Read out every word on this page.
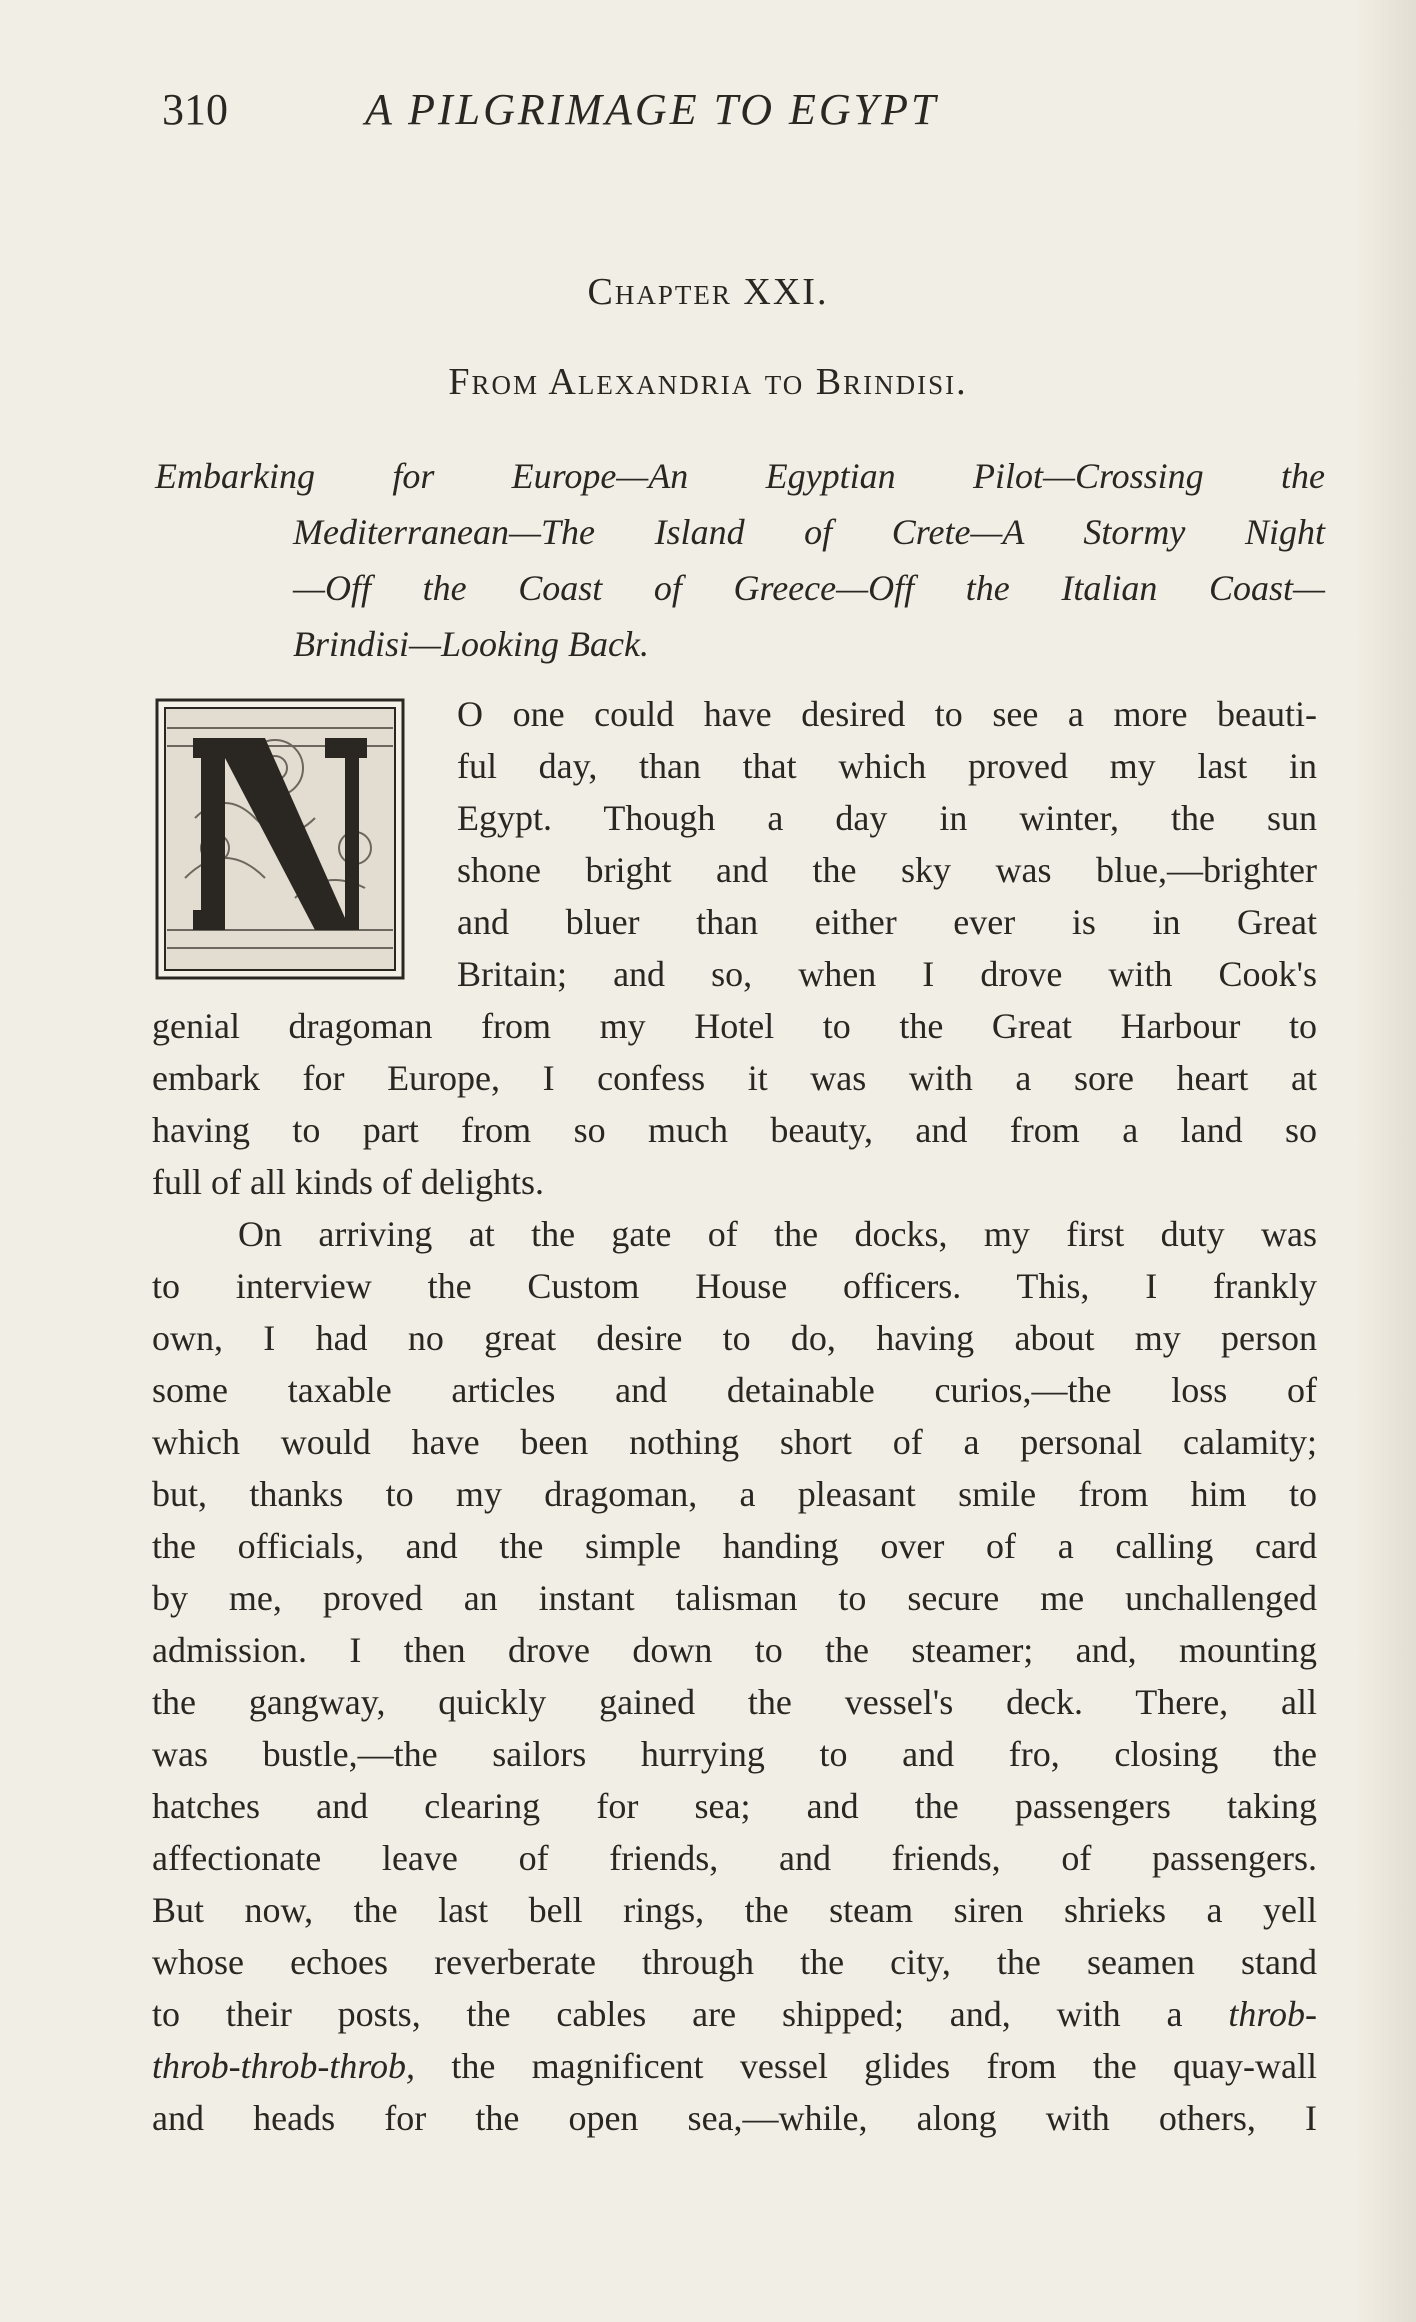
310	A PILGRIMAGE TO EGYPT
Chapter XXI.
From Alexandria to Brindisi.
Embarking for Europe—An Egyptian Pilot—Crossing the
Mediterranean—The Island of Crete—A Stormy Night
—Off the Coast of Greece—Off the Italian Coast—
Brindisi—Looking Back.
N
O one could have desired to see a more beauti-
ful day, than that which proved my last in
Egypt. Though a day in winter, the sun
shone bright and the sky was blue,—brighter
and bluer than either ever is in Great
Britain; and so, when I drove with Cook's
genial dragoman from my Hotel to the Great Harbour to
embark for Europe, I confess it was with a sore heart at
having to part from so much beauty, and from a land so
full of all kinds of delights.
On arriving at the gate of the docks, my first duty was
to interview the Custom House officers. This, I frankly
own, I had no great desire to do, having about my person
some taxable articles and detainable curios,—the loss of
which would have been nothing short of a personal calamity;
but, thanks to my dragoman, a pleasant smile from him to
the officials, and the simple handing over of a calling card
by me, proved an instant talisman to secure me unchallenged
admission. I then drove down to the steamer; and, mounting
the gangway, quickly gained the vessel's deck. There, all
was bustle,—the sailors hurrying to and fro, closing the
hatches and clearing for sea; and the passengers taking
affectionate leave of friends, and friends, of passengers.
But now, the last bell rings, the steam siren shrieks a yell
whose echoes reverberate through the city, the seamen stand
to their posts, the cables are shipped; and, with a throb-
throb-throb-throb, the magnificent vessel glides from the quay-wall
and heads for the open sea,—while, along with others, I
